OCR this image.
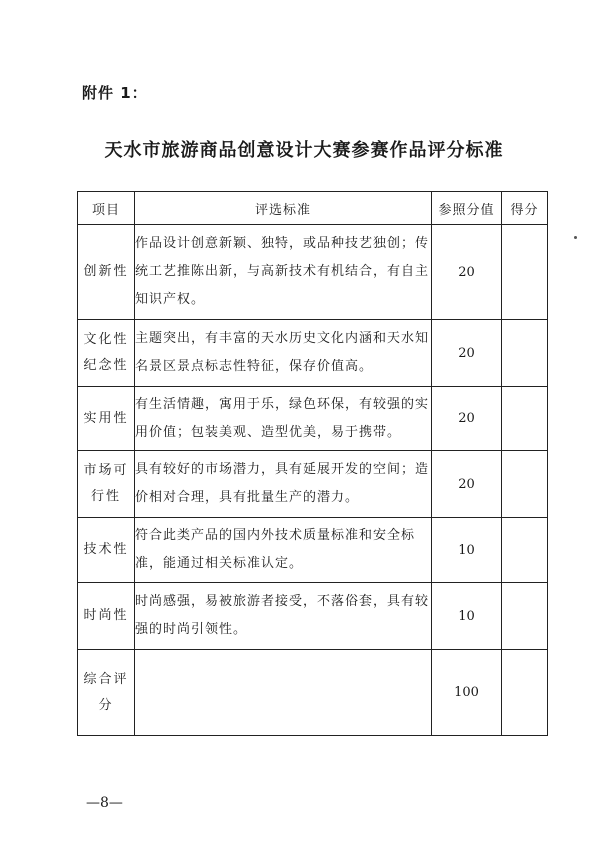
附件 1：
天水市旅游商品创意设计大赛参赛作品评分标准
项目	评选标准	参照分值	得分
创新性	作品设计创意新颖、独特，或品种技艺独创；传统工艺推陈出新，与高新技术有机结合，有自主知识产权。	20	
文化性纪念性	主题突出，有丰富的天水历史文化内涵和天水知名景区景点标志性特征，保存价值高。	20	
实用性	有生活情趣，寓用于乐，绿色环保，有较强的实用价值；包装美观、造型优美，易于携带。	20	
市场可行性	具有较好的市场潜力，具有延展开发的空间；造价相对合理，具有批量生产的潜力。	20	
技术性	符合此类产品的国内外技术质量标准和安全标准，能通过相关标准认定。	10	
时尚性	时尚感强，易被旅游者接受，不落俗套，具有较强的时尚引领性。	10	
综合评分		100	
—8—
